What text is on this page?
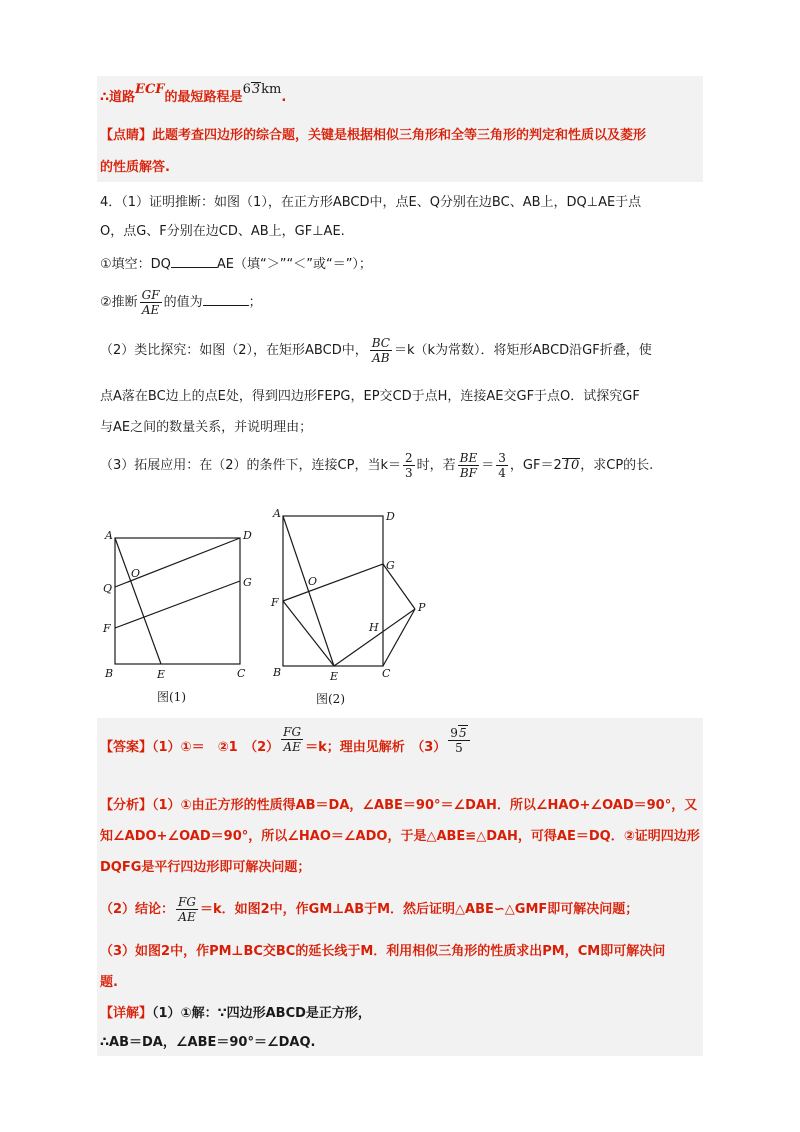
∴道路ECF的最短路程是63km.
【点睛】此题考查四边形的综合题，关键是根据相似三角形和全等三角形的判定和性质以及菱形
的性质解答.
4．（1）证明推断：如图（1），在正方形ABCD中，点E、Q分别在边BC、AB上，DQ⊥AE于点
O，点G、F分别在边CD、AB上，GF⊥AE.
①填空：DQ	AE（填“＞”“＜”或“＝”）；
②推断 $\frac{GF}{AE}$ 的值为	；
（2）类比探究：如图（2），在矩形ABCD中， $\frac{BC}{AB} =k(k$为常数）．将矩形ABCD沿GF折叠，使
点A落在BC边上的点E处，得到四边形FEPG，EP交CD于点H，连接AE交GF于点O．试探究GF
与AE之间的数量关系，并说明理由；
（3）拓展应用：在（2）的条件下，连接CP，当$k= \frac{2}{3}$ 时，若 $\frac{BE}{BF} = \frac{3}{4}$ ，GF＝210，求CP的长.
A	D
Q
O
G
F
B	E	C
图(1)
A	D
G
O
F	P
H
B	E	C
图(2)
【答案】（1）①＝　②1　$(2) \frac{FG}{AE} =k$；理由见解析　$(3) \frac{95}{5}$
【分析】（1）①由正方形的性质得AB＝DA，∠ABE＝90°＝∠DAH．所以∠HAO+∠OAD＝90°，又
知∠ADO+∠OAD＝90°，所以∠HAO＝∠ADO，于是△ABE≌△DAH，可得AE＝DQ．②证明四边形
DQFG是平行四边形即可解决问题；
（2）结论： $\frac{FG}{AE} =k$．如图2中，作GM⊥AB于M．然后证明△ABE∽△GMF即可解决问题；
（3）如图2中，作PM⊥BC交BC的延长线于M．利用相似三角形的性质求出PM，CM即可解决问
题.
【详解】（1）①解：∵四边形ABCD是正方形，
∴AB＝DA，∠ABE＝90°＝∠DAQ.
